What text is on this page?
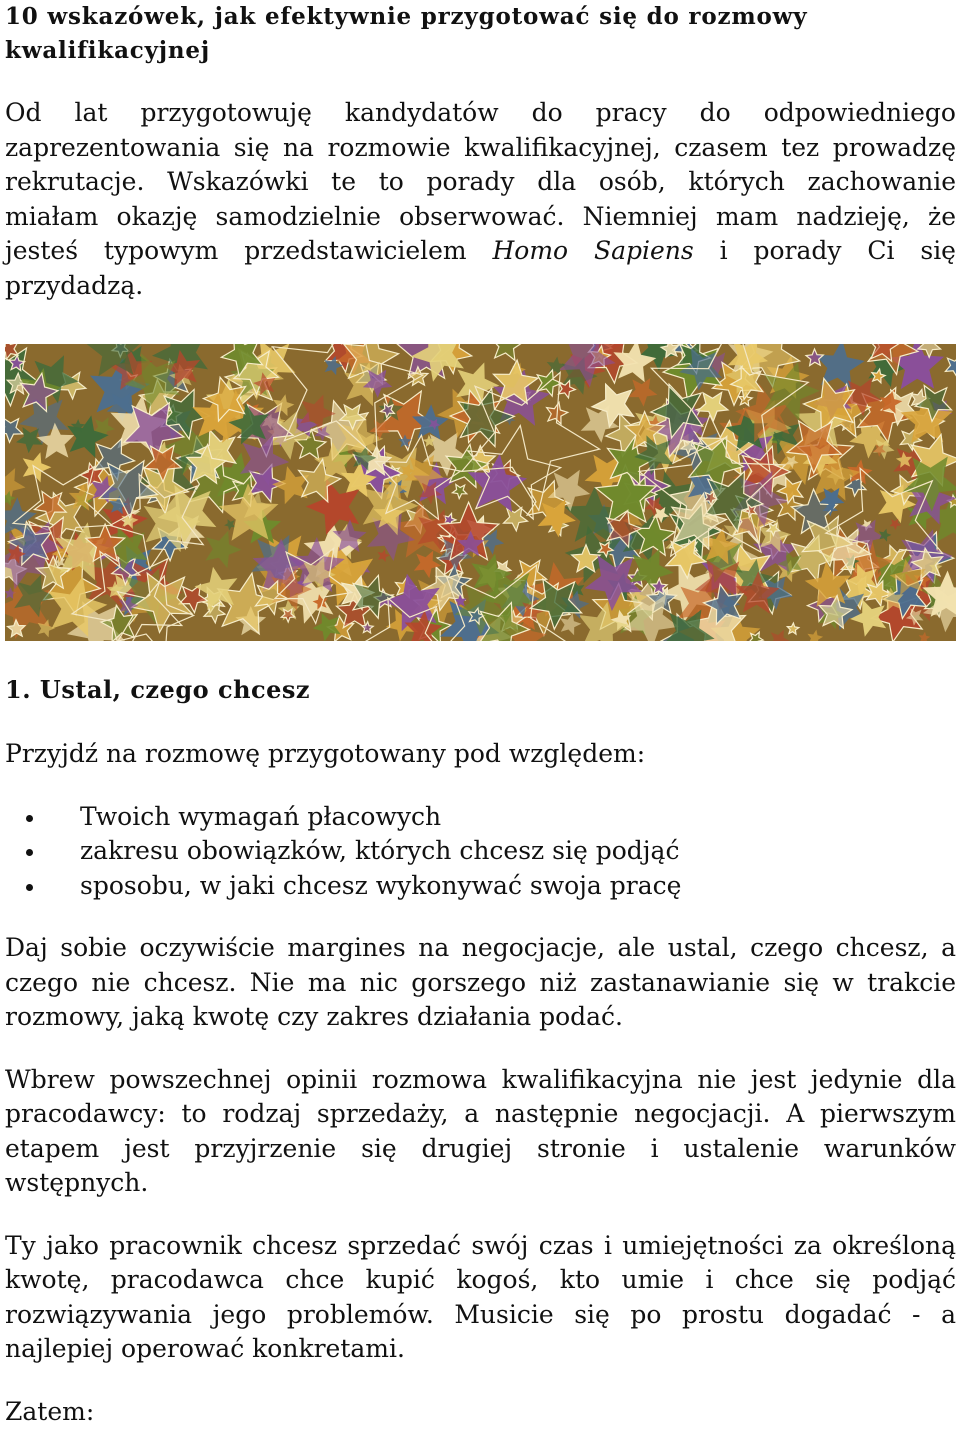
10 wskazówek, jak efektywnie przygotować się do rozmowy kwalifikacyjnej

Od lat przygotowuję kandydatów do pracy do odpowiedniego zaprezentowania się na rozmowie kwalifikacyjnej, czasem tez prowadzę rekrutacje. Wskazówki te to porady dla osób, których zachowanie miałam okazję samodzielnie obserwować. Niemniej mam nadzieję, że jesteś typowym przedstawicielem Homo Sapiens i porady Ci się przydadzą.

1. Ustal, czego chcesz

Przyjdź na rozmowę przygotowany pod względem:

Twoich wymagań płacowych
zakresu obowiązków, których chcesz się podjąć
sposobu, w jaki chcesz wykonywać swoja pracę

Daj sobie oczywiście margines na negocjacje, ale ustal, czego chcesz, a czego nie chcesz. Nie ma nic gorszego niż zastanawianie się w trakcie rozmowy, jaką kwotę czy zakres działania podać.

Wbrew powszechnej opinii rozmowa kwalifikacyjna nie jest jedynie dla pracodawcy: to rodzaj sprzedaży, a następnie negocjacji. A pierwszym etapem jest przyjrzenie się drugiej stronie i ustalenie warunków wstępnych.

Ty jako pracownik chcesz sprzedać swój czas i umiejętności za określoną kwotę, pracodawca chce kupić kogoś, kto umie i chce się podjąć rozwiązywania jego problemów. Musicie się po prostu dogadać - a najlepiej operować konkretami.

Zatem:
